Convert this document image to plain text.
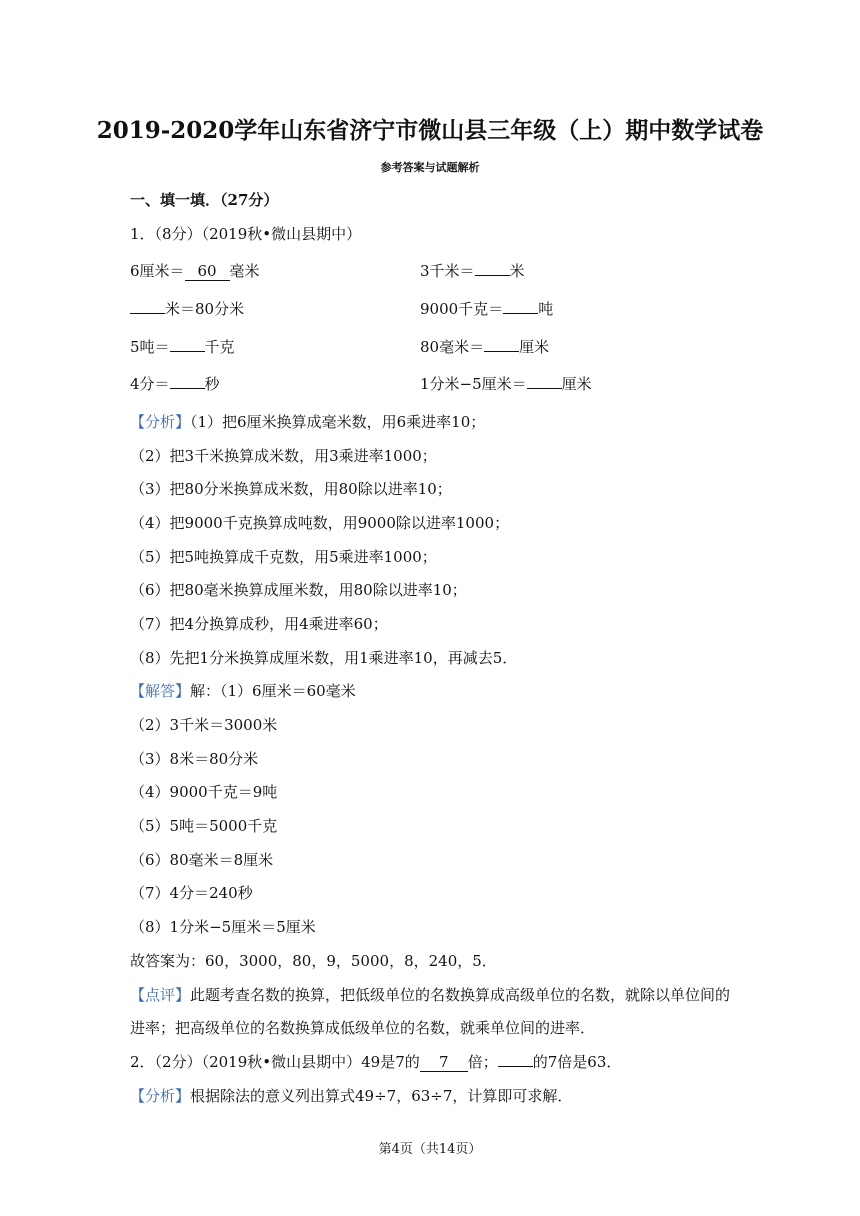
2019-2020学年山东省济宁市微山县三年级（上）期中数学试卷
参考答案与试题解析
一、填一填．（27分）
1．（8分）（2019秋•微山县期中）
6厘米＝ 60 毫米	3千米＝ 米
米＝80分米	9000千克＝ 吨
5吨＝ 千克	80毫米＝ 厘米
4分＝ 秒	1分米−5厘米＝ 厘米
【分析】（1）把6厘米换算成毫米数，用6乘进率10；
（2）把3千米换算成米数，用3乘进率1000；
（3）把80分米换算成米数，用80除以进率10；
（4）把9000千克换算成吨数，用9000除以进率1000；
（5）把5吨换算成千克数，用5乘进率1000；
（6）把80毫米换算成厘米数，用80除以进率10；
（7）把4分换算成秒，用4乘进率60；
（8）先把1分米换算成厘米数，用1乘进率10，再减去5．
【解答】解：（1）6厘米＝60毫米
（2）3千米＝3000米
（3）8米＝80分米
（4）9000千克＝9吨
（5）5吨＝5000千克
（6）80毫米＝8厘米
（7）4分＝240秒
（8）1分米−5厘米＝5厘米
故答案为：60，3000，80，9，5000，8，240，5．
【点评】此题考查名数的换算，把低级单位的名数换算成高级单位的名数，就除以单位间的
进率；把高级单位的名数换算成低级单位的名数，就乘单位间的进率．
2．（2分）（2019秋•微山县期中）49是7的 7 倍； 的7倍是63．
【分析】根据除法的意义列出算式49÷7，63÷7，计算即可求解．
第4页（共14页）
